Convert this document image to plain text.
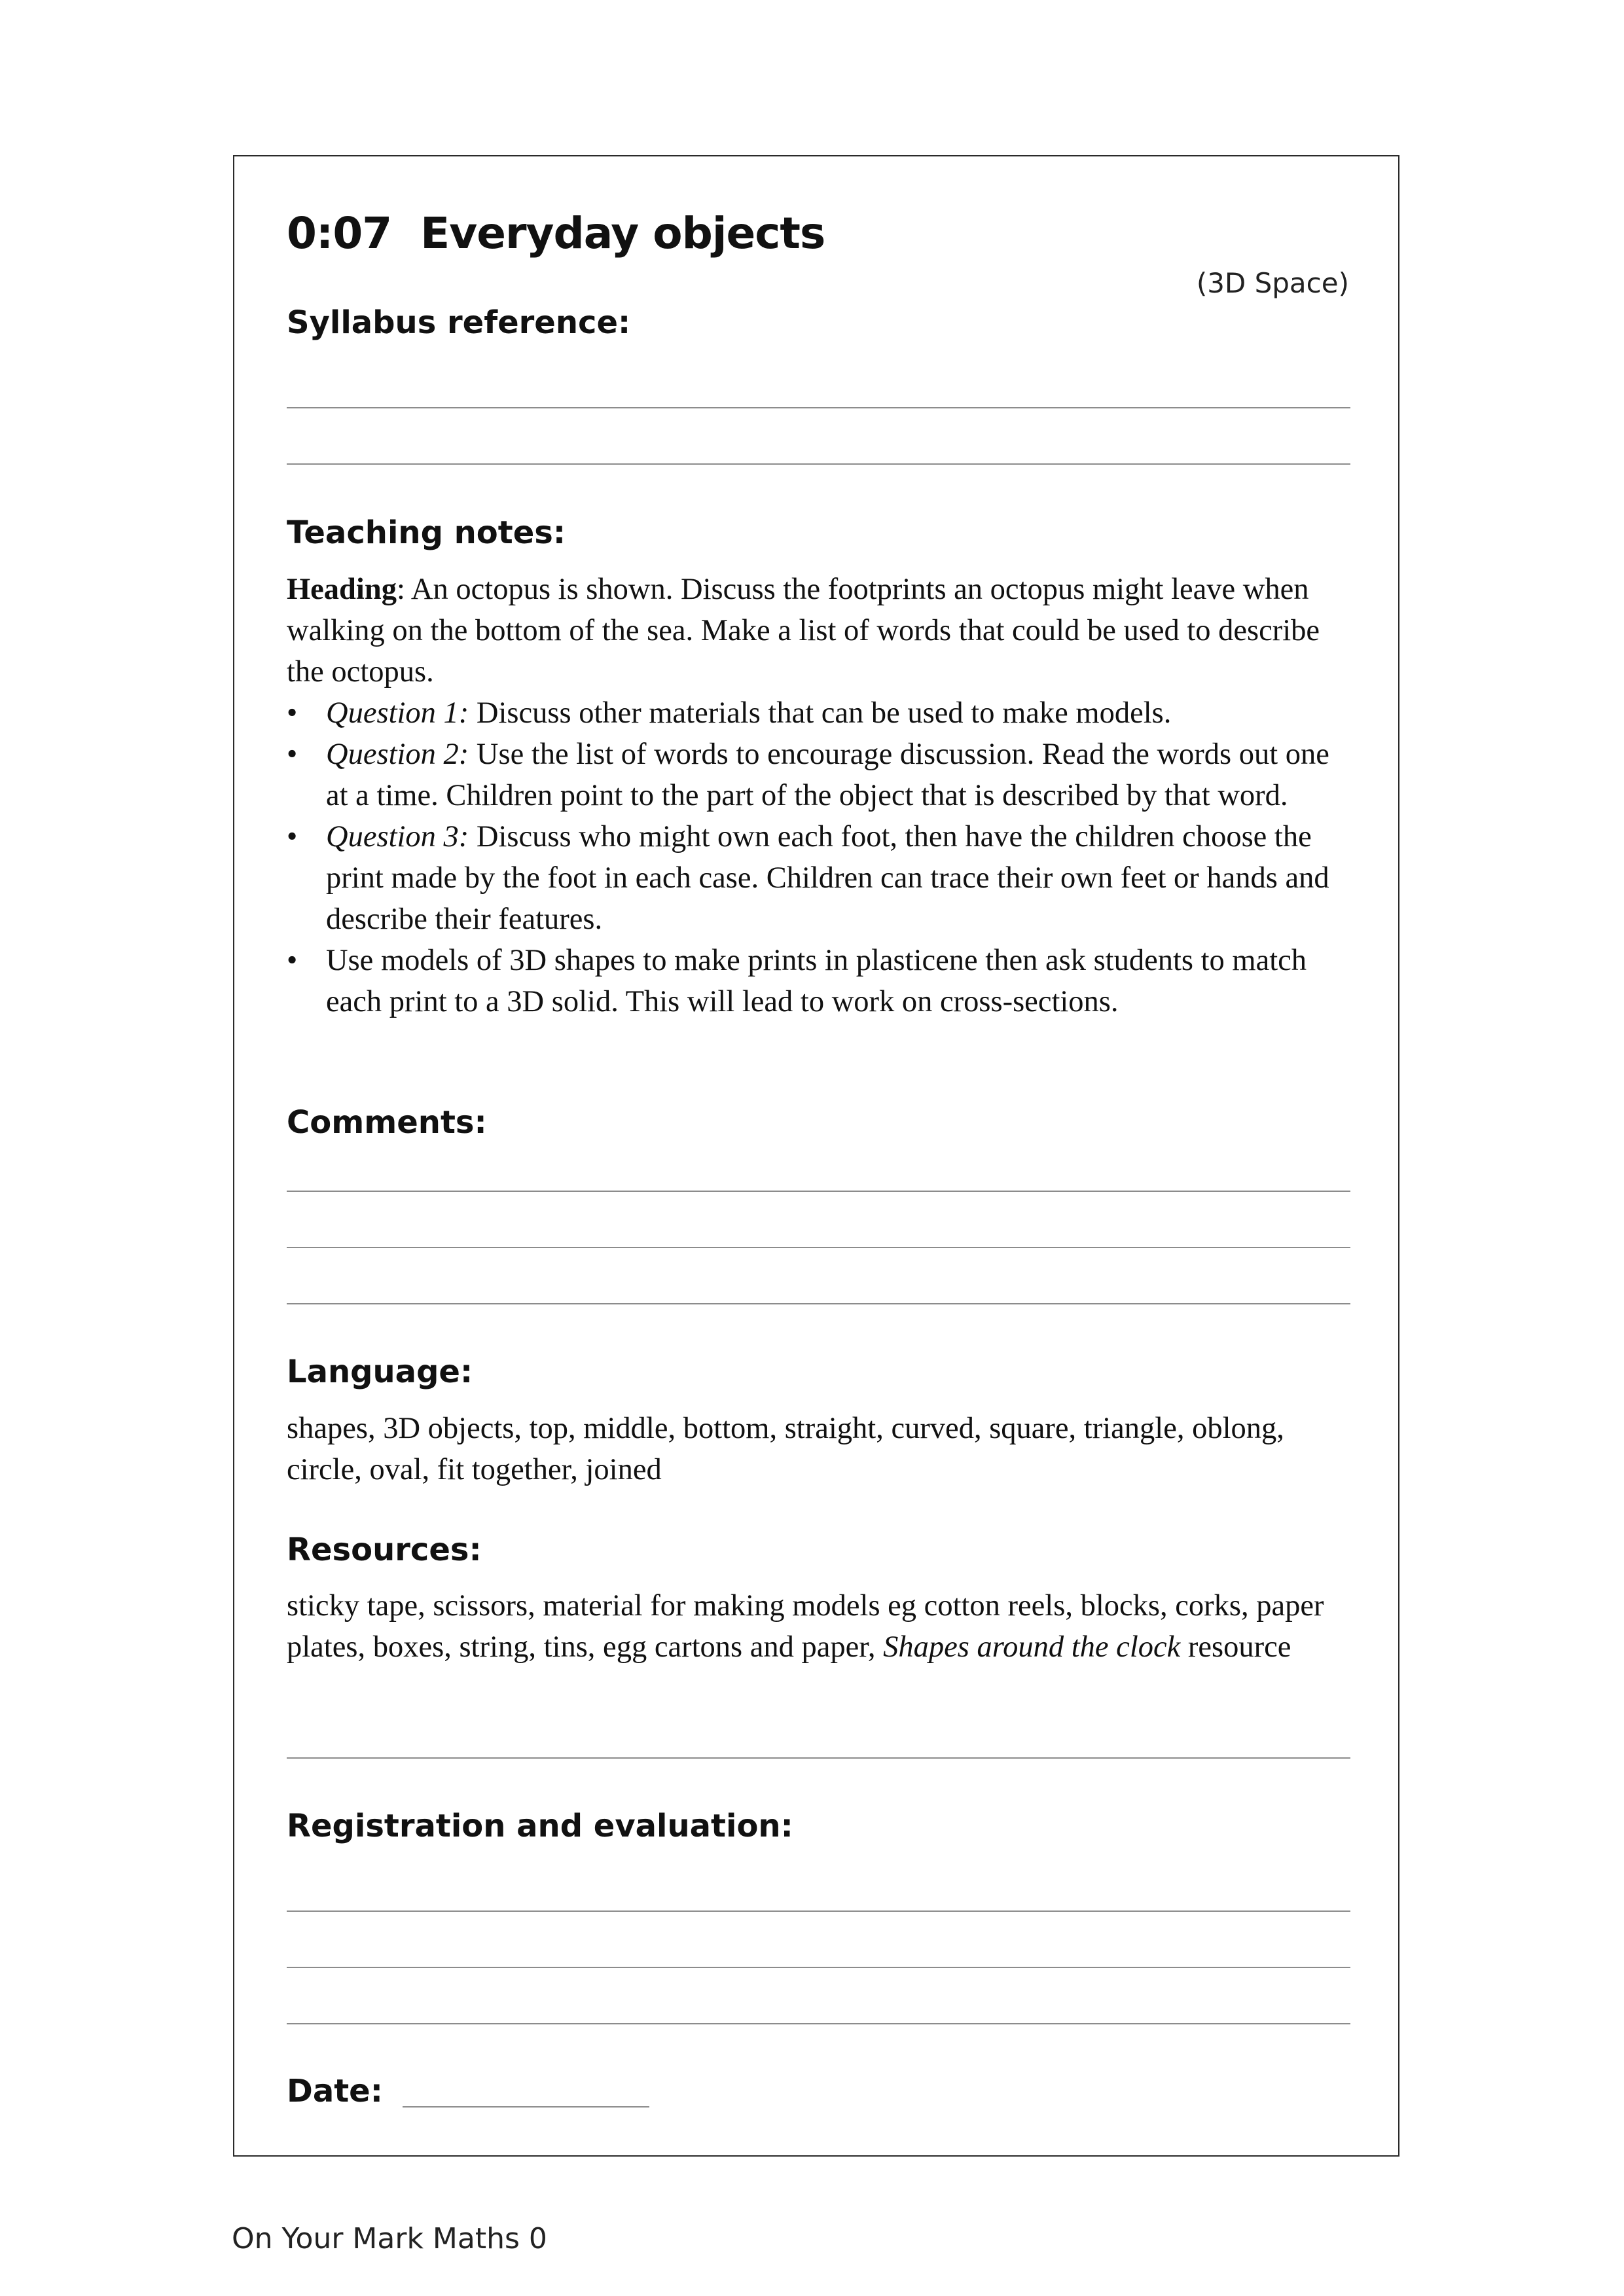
0:07  Everyday objects
(3D Space)
Syllabus reference:
Teaching notes:

Heading: An octopus is shown. Discuss the footprints an octopus might leave when walking on the bottom of the sea. Make a list of words that could be used to describe the octopus.

• Question 1: Discuss other materials that can be used to make models.
• Question 2: Use the list of words to encourage discussion. Read the words out one at a time. Children point to the part of the object that is described by that word.
• Question 3: Discuss who might own each foot, then have the children choose the print made by the foot in each case. Children can trace their own feet or hands and describe their features.
• Use models of 3D shapes to make prints in plasticene then ask students to match each print to a 3D solid. This will lead to work on cross-sections.
Comments:
Language:
shapes, 3D objects, top, middle, bottom, straight, curved, square, triangle, oblong, circle, oval, fit together, joined
Resources:
sticky tape, scissors, material for making models eg cotton reels, blocks, corks, paper plates, boxes, string, tins, egg cartons and paper, Shapes around the clock resource
Registration and evaluation:
Date:
On Your Mark Maths 0
